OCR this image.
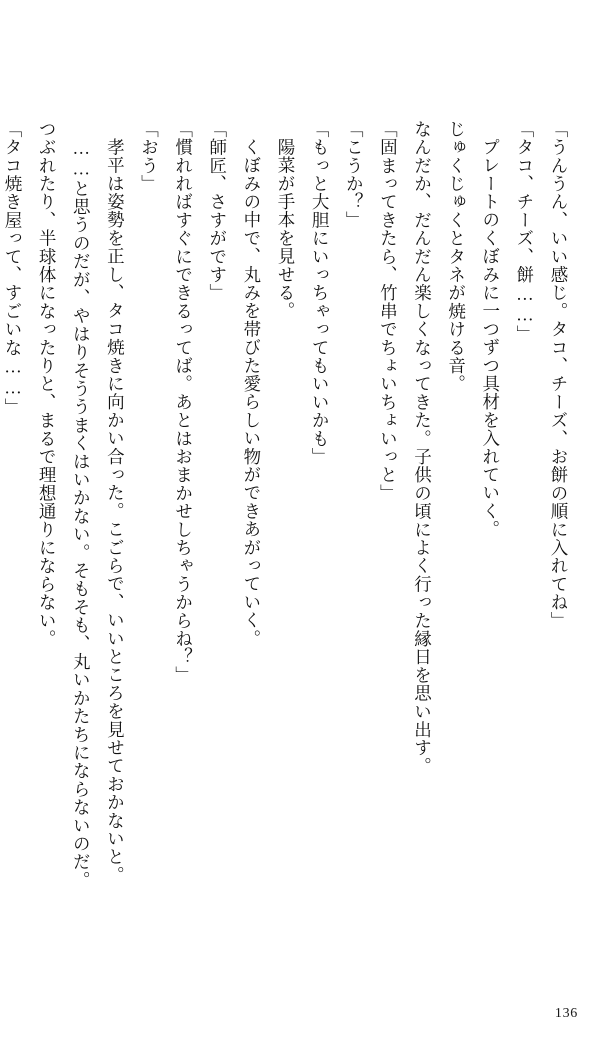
「うんうん、いい感じ。タコ、チーズ、お餅の順に入れてね」

「タコ、チーズ、餅……」

プレートのくぼみに一つずつ具材を入れていく。

じゅくじゅくとタネが焼ける音。

なんだか、だんだん楽しくなってきた。子供の頃によく行った縁日を思い出す。

「固まってきたら、竹串でちょいちょいっと」

「こうか？」

「もっと大胆にいっちゃってもいいかも」

陽菜が手本を見せる。

くぼみの中で、丸みを帯びた愛らしい物ができあがっていく。

「師匠、さすがです」

「慣れればすぐにできるってば。あとはおまかせしちゃうからね？」

「おう」

孝平は姿勢を正し、タコ焼きに向かい合った。こごらで、いいところを見せておかないと。

……と思うのだが、やはりそううまくはいかない。そもそも、丸いかたちにならないのだ。

つぶれたり、半球体になったりと、まるで理想通りにならない。

「タコ焼き屋って、すごいな……」

136
